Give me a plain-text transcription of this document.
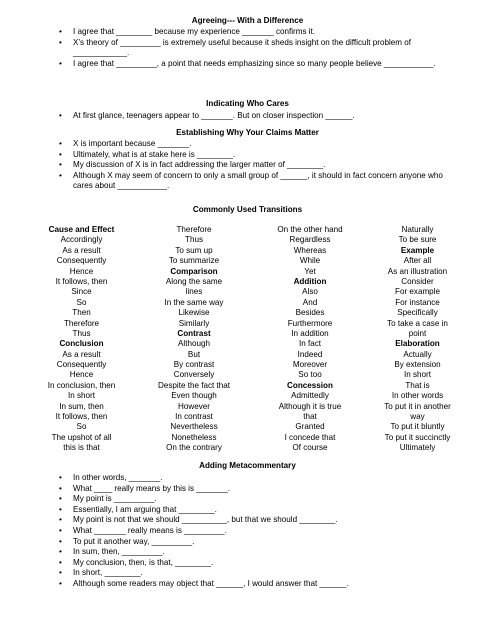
Agreeing--- With a Difference
• I agree that ________ because my experience _______ confirms it.
• X’s theory of _________ is extremely useful because it sheds insight on the difficult problem of ____________.
• I agree that _________, a point that needs emphasizing since so many people believe ___________.
Indicating Who Cares
• At first glance, teenagers appear to _______. But on closer inspection ______.
Establishing Why Your Claims Matter
• X is important because _______.
• Ultimately, what is at stake here is ________.
• My discussion of X is in fact addressing the larger matter of ________.
• Although X may seem of concern to only a small group of ______, it should in fact concern anyone who cares about ___________.
Commonly Used Transitions
Cause and Effect
Accordingly
As a result
Consequently
Hence
It follows, then
Since
So
Then
Therefore
Thus
Conclusion
As a result
Consequently
Hence
In conclusion, then
In short
In sum, then
It follows, then
So
The upshot of all
this is that
Therefore
Thus
To sum up
To summarize
Comparison
Along the same
lines
In the same way
Likewise
Similarly
Contrast
Although
But
By contrast
Conversely
Despite the fact that
Even though
However
In contrast
Nevertheless
Nonetheless
On the contrary
On the other hand
Regardless
Whereas
While
Yet
Addition
Also
And
Besides
Furthermore
In addition
In fact
Indeed
Moreover
So too
Concession
Admittedly
Although it is true
that
Granted
I concede that
Of course
Naturally
To be sure
Example
After all
As an illustration
Consider
For example
For instance
Specifically
To take a case in
point
Elaboration
Actually
By extension
In short
That is
In other words
To put it in another
way
To put it bluntly
To put it succinctly
Ultimately
Adding Metacommentary
• In other words, _______.
• What ____ really means by this is _______.
• My point is _________.
• Essentially, I am arguing that ________.
• My point is not that we should __________, but that we should ________.
• What _______ really means is _________.
• To put it another way, _________.
• In sum, then, _________.
• My conclusion, then, is that, ________.
• In short, ________.
• Although some readers may object that ______, I would answer that ______.
